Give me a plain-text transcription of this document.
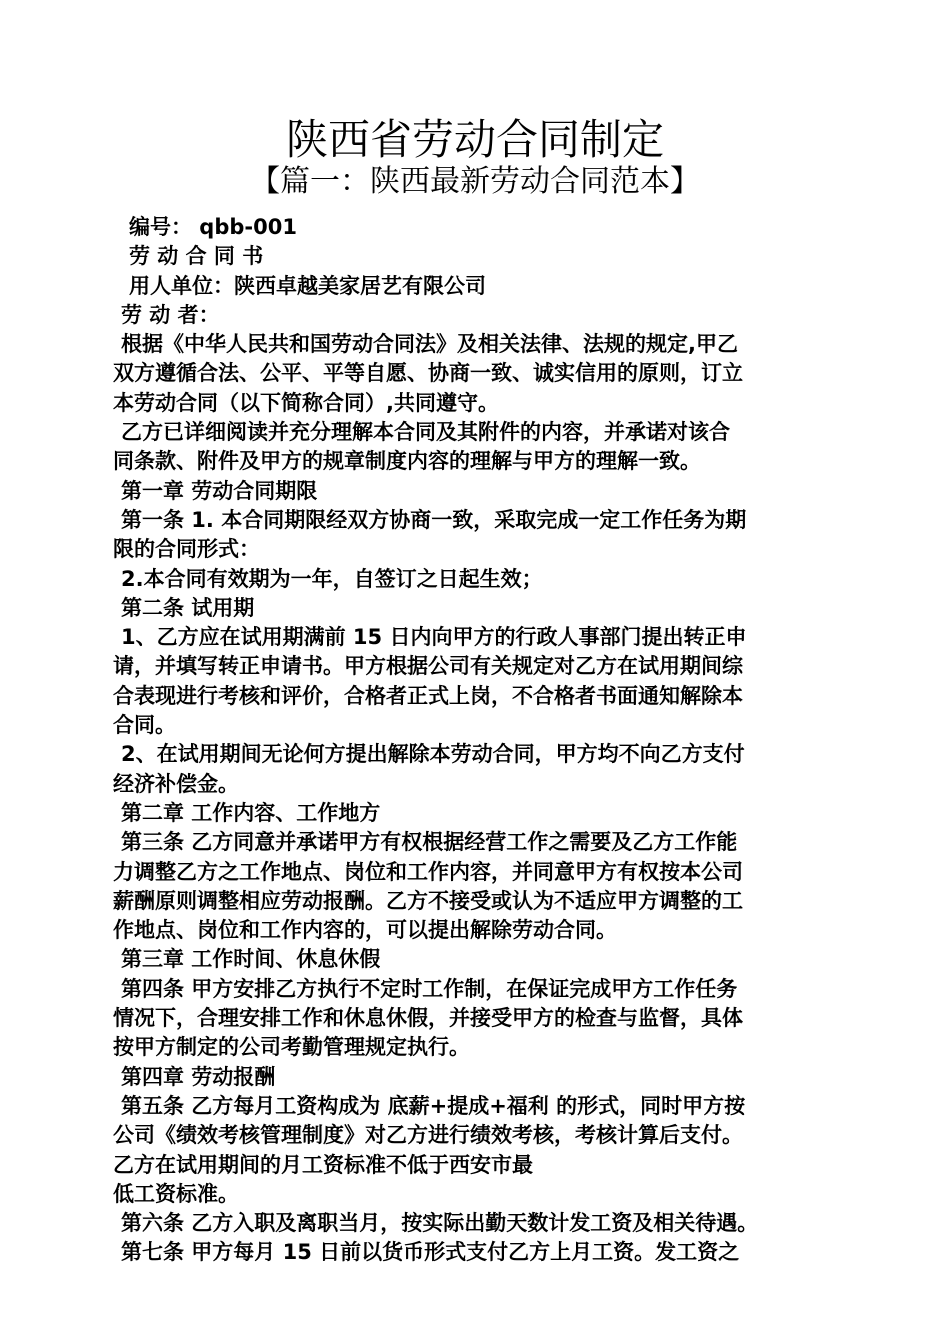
陕西省劳动合同制定
【篇一：陕西最新劳动合同范本】
编号： qbb-001
劳 动 合 同 书
用人单位：陕西卓越美家居艺有限公司
劳 动 者：
根据《中华人民共和国劳动合同法》及相关法律、法规的规定,甲乙
双方遵循合法、公平、平等自愿、协商一致、诚实信用的原则，订立
本劳动合同（以下简称合同）,共同遵守。
乙方已详细阅读并充分理解本合同及其附件的内容，并承诺对该合
同条款、附件及甲方的规章制度内容的理解与甲方的理解一致。
第一章 劳动合同期限
第一条 1. 本合同期限经双方协商一致，采取完成一定工作任务为期
限的合同形式：
2.本合同有效期为一年，自签订之日起生效；
第二条 试用期
1、乙方应在试用期满前 15 日内向甲方的行政人事部门提出转正申
请，并填写转正申请书。甲方根据公司有关规定对乙方在试用期间综
合表现进行考核和评价，合格者正式上岗，不合格者书面通知解除本
合同。
2、在试用期间无论何方提出解除本劳动合同，甲方均不向乙方支付
经济补偿金。
第二章 工作内容、工作地方
第三条 乙方同意并承诺甲方有权根据经营工作之需要及乙方工作能
力调整乙方之工作地点、岗位和工作内容，并同意甲方有权按本公司
薪酬原则调整相应劳动报酬。乙方不接受或认为不适应甲方调整的工
作地点、岗位和工作内容的，可以提出解除劳动合同。
第三章 工作时间、休息休假
第四条 甲方安排乙方执行不定时工作制，在保证完成甲方工作任务
情况下，合理安排工作和休息休假，并接受甲方的检查与监督，具体
按甲方制定的公司考勤管理规定执行。
第四章 劳动报酬
第五条 乙方每月工资构成为 底薪+提成+福利 的形式，同时甲方按
公司《绩效考核管理制度》对乙方进行绩效考核，考核计算后支付。
乙方在试用期间的月工资标准不低于西安市最
低工资标准。
第六条 乙方入职及离职当月，按实际出勤天数计发工资及相关待遇。
第七条 甲方每月 15 日前以货币形式支付乙方上月工资。发工资之
